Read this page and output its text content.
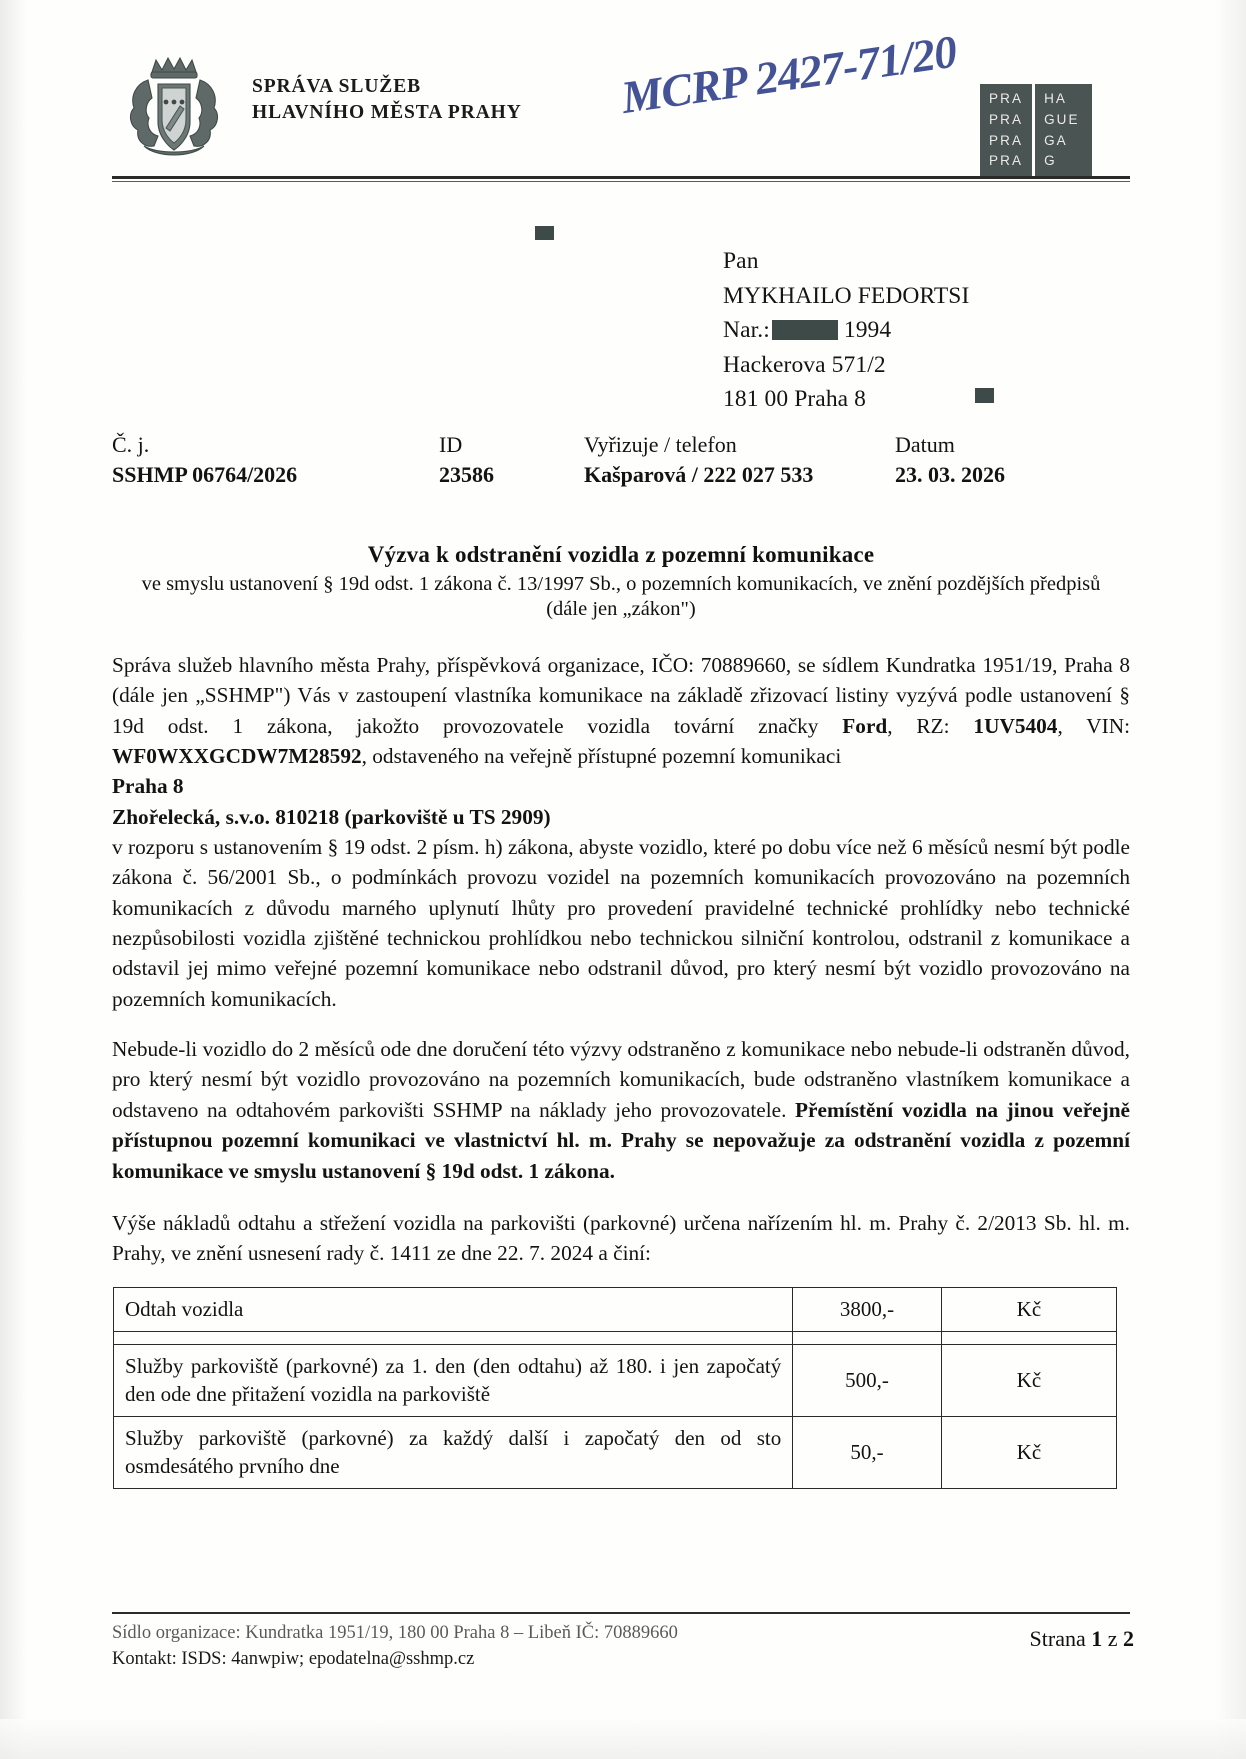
SPRÁVA SLUŽEB
HLAVNÍHO MĚSTA PRAHY MCRP 2427-71/20	PRA
PRA
PRA
PRA
HA
GUE
GA
G
Pan
MYKHAILO FEDORTSI
Nar.:	1994
Hackerova 571/2
181 00 Praha 8
Č. j.	ID	Vyřizuje / telefon	Datum
SSHMP 06764/2026	23586	Kašparová / 222 027 533	23. 03. 2026
Výzva k odstranění vozidla z pozemní komunikace
ve smyslu ustanovení § 19d odst. 1 zákona č. 13/1997 Sb., o pozemních komunikacích, ve znění pozdějších předpisů
(dále jen „zákon")

Správa služeb hlavního města Prahy, příspěvková organizace, IČO: 70889660, se sídlem Kundratka 1951/19, Praha 8 (dále jen „SSHMP") Vás v zastoupení vlastníka komunikace na základě zřizovací listiny vyzývá podle ustanovení § 19d odst. 1 zákona, jakožto provozovatele vozidla tovární značky Ford, RZ: 1UV5404, VIN: WF0WXXGCDW7M28592, odstaveného na veřejně přístupné pozemní komunikaci

Praha 8

Zhořelecká, s.v.o. 810218 (parkoviště u TS 2909)

v rozporu s ustanovením § 19 odst. 2 písm. h) zákona, abyste vozidlo, které po dobu více než 6 měsíců nesmí být podle zákona č. 56/2001 Sb., o podmínkách provozu vozidel na pozemních komunikacích provozováno na pozemních komunikacích z důvodu marného uplynutí lhůty pro provedení pravidelné technické prohlídky nebo technické nezpůsobilosti vozidla zjištěné technickou prohlídkou nebo technickou silniční kontrolou, odstranil z komunikace a odstavil jej mimo veřejné pozemní komunikace nebo odstranil důvod, pro který nesmí být vozidlo provozováno na pozemních komunikacích.

Nebude-li vozidlo do 2 měsíců ode dne doručení této výzvy odstraněno z komunikace nebo nebude-li odstraněn důvod, pro který nesmí být vozidlo provozováno na pozemních komunikacích, bude odstraněno vlastníkem komunikace a odstaveno na odtahovém parkovišti SSHMP na náklady jeho provozovatele. Přemístění vozidla na jinou veřejně přístupnou pozemní komunikaci ve vlastnictví hl. m. Prahy se nepovažuje za odstranění vozidla z pozemní komunikace ve smyslu ustanovení § 19d odst. 1 zákona.

Výše nákladů odtahu a střežení vozidla na parkovišti (parkovné) určena nařízením hl. m. Prahy č. 2/2013 Sb. hl. m. Prahy, ve znění usnesení rady č. 1411 ze dne 22. 7. 2024 a činí:

Odtah vozidla	3800,-	Kč

Služby parkoviště (parkovné) za 1. den (den odtahu) až 180. i jen započatý den ode dne přitažení vozidla na parkoviště	500,-	Kč
Služby parkoviště (parkovné) za každý další i započatý den od sto osmdesátého prvního dne	50,-	Kč
Sídlo organizace: Kundratka 1951/19, 180 00 Praha 8 – Libeň IČ: 70889660
Kontakt: ISDS: 4anwpiw; epodatelna@sshmp.cz
Strana 1 z 2
